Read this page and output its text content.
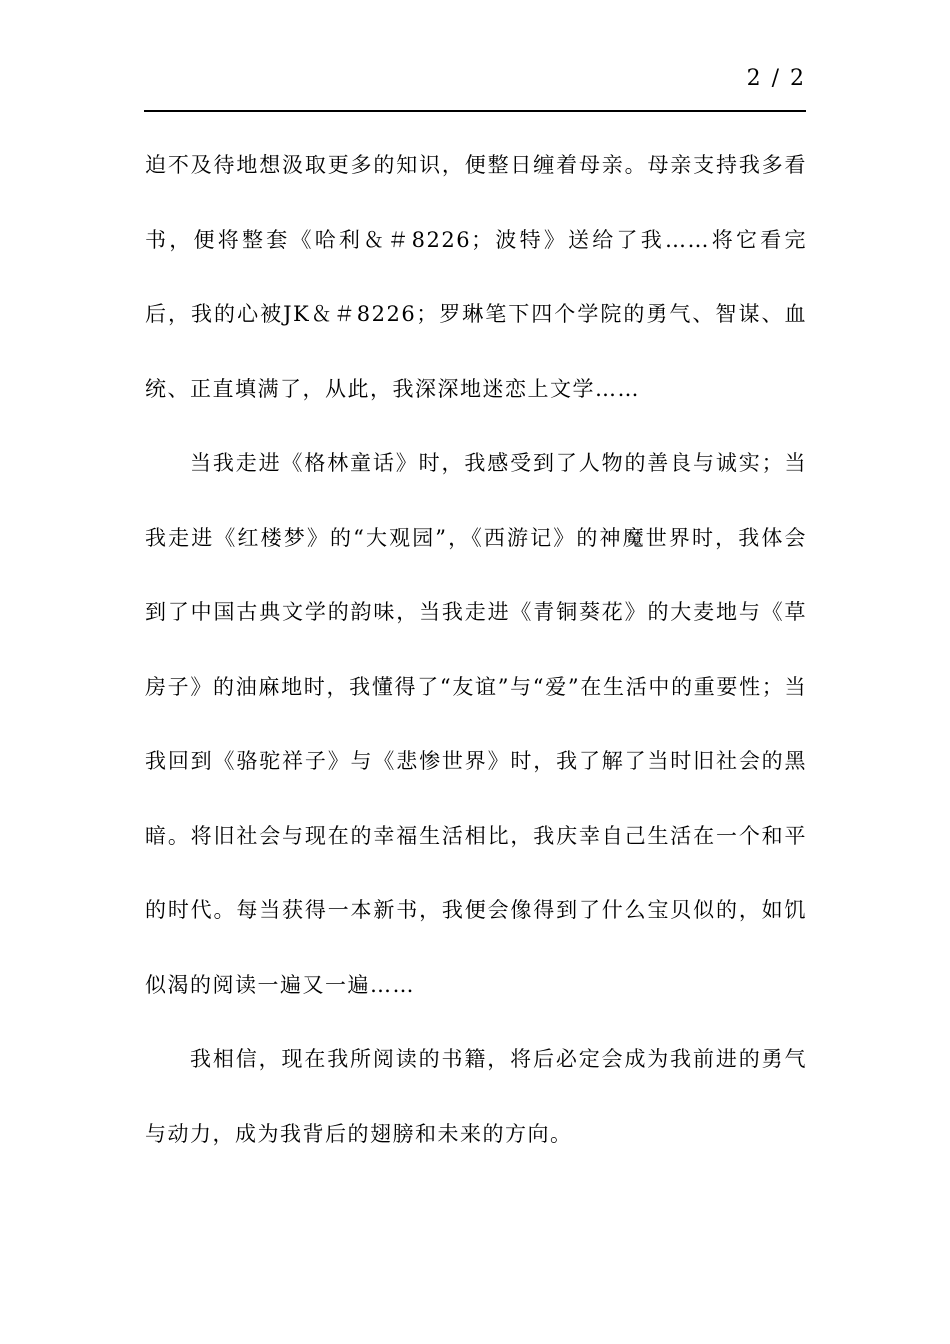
2 / 2

迫不及待地想汲取更多的知识，便整日缠着母亲。母亲支持我多看书，便将整套《哈利＆＃8226；波特》送给了我……将它看完后，我的心被JK＆＃8226；罗琳笔下四个学院的勇气、智谋、血统、正直填满了，从此，我深深地迷恋上文学……

当我走进《格林童话》时，我感受到了人物的善良与诚实；当我走进《红楼梦》的“大观园”，《西游记》的神魔世界时，我体会到了中国古典文学的韵味，当我走进《青铜葵花》的大麦地与《草房子》的油麻地时，我懂得了“友谊”与“爱”在生活中的重要性；当我回到《骆驼祥子》与《悲惨世界》时，我了解了当时旧社会的黑暗。将旧社会与现在的幸福生活相比，我庆幸自己生活在一个和平的时代。每当获得一本新书，我便会像得到了什么宝贝似的，如饥似渴的阅读一遍又一遍……

我相信，现在我所阅读的书籍，将后必定会成为我前进的勇气与动力，成为我背后的翅膀和未来的方向。
